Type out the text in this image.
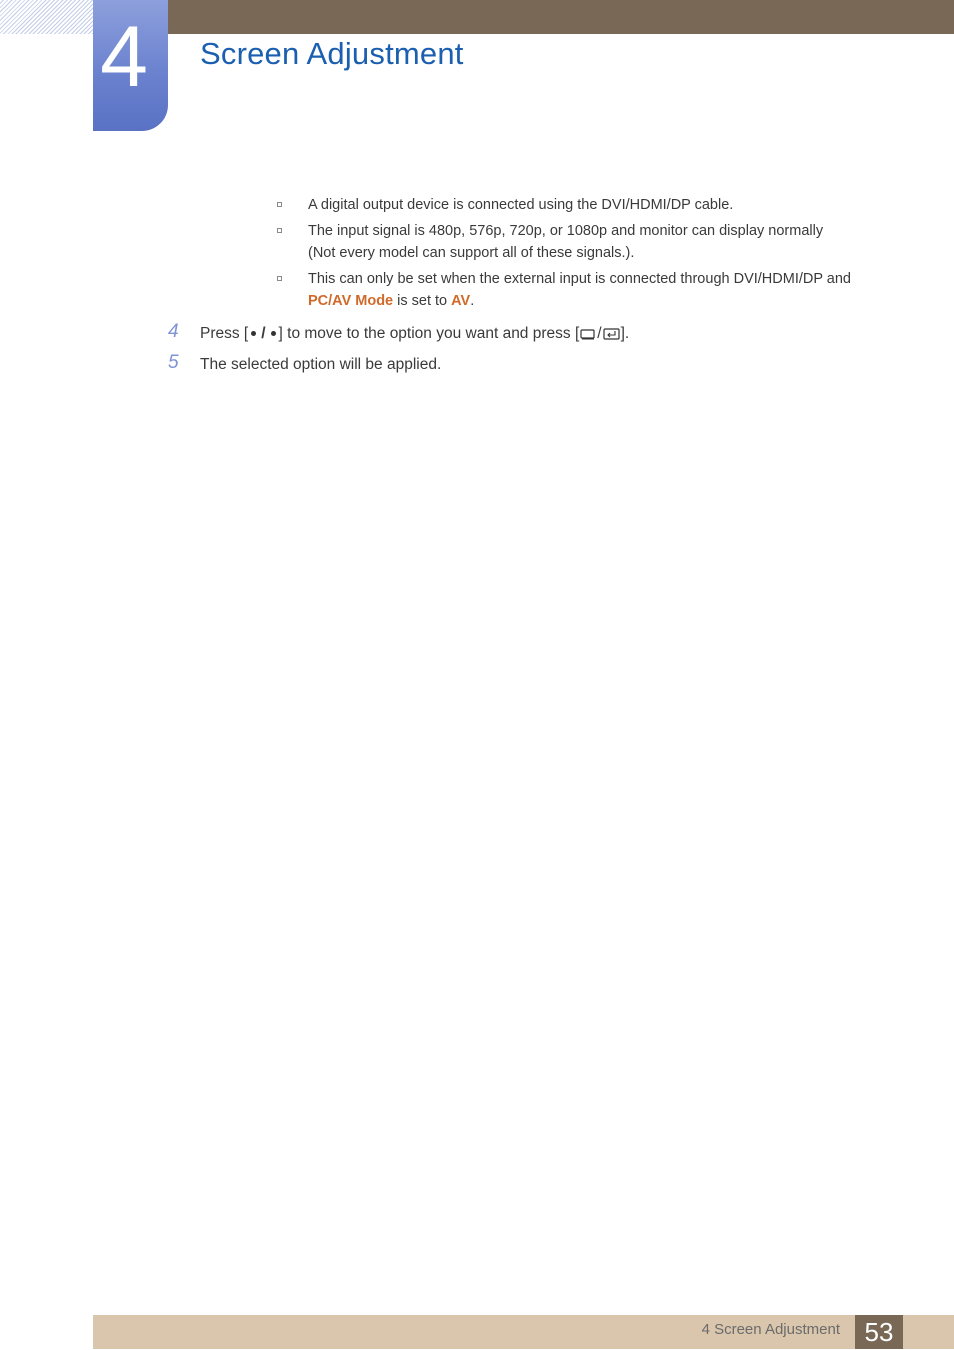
4 Screen Adjustment
A digital output device is connected using the DVI/HDMI/DP cable.
The input signal is 480p, 576p, 720p, or 1080p and monitor can display normally
(Not every model can support all of these signals.).
This can only be set when the external input is connected through DVI/HDMI/DP and
PC/AV Mode is set to AV.
4 Press [ / ] to move to the option you want and press [ / ].
5 The selected option will be applied.
4 Screen Adjustment 53
